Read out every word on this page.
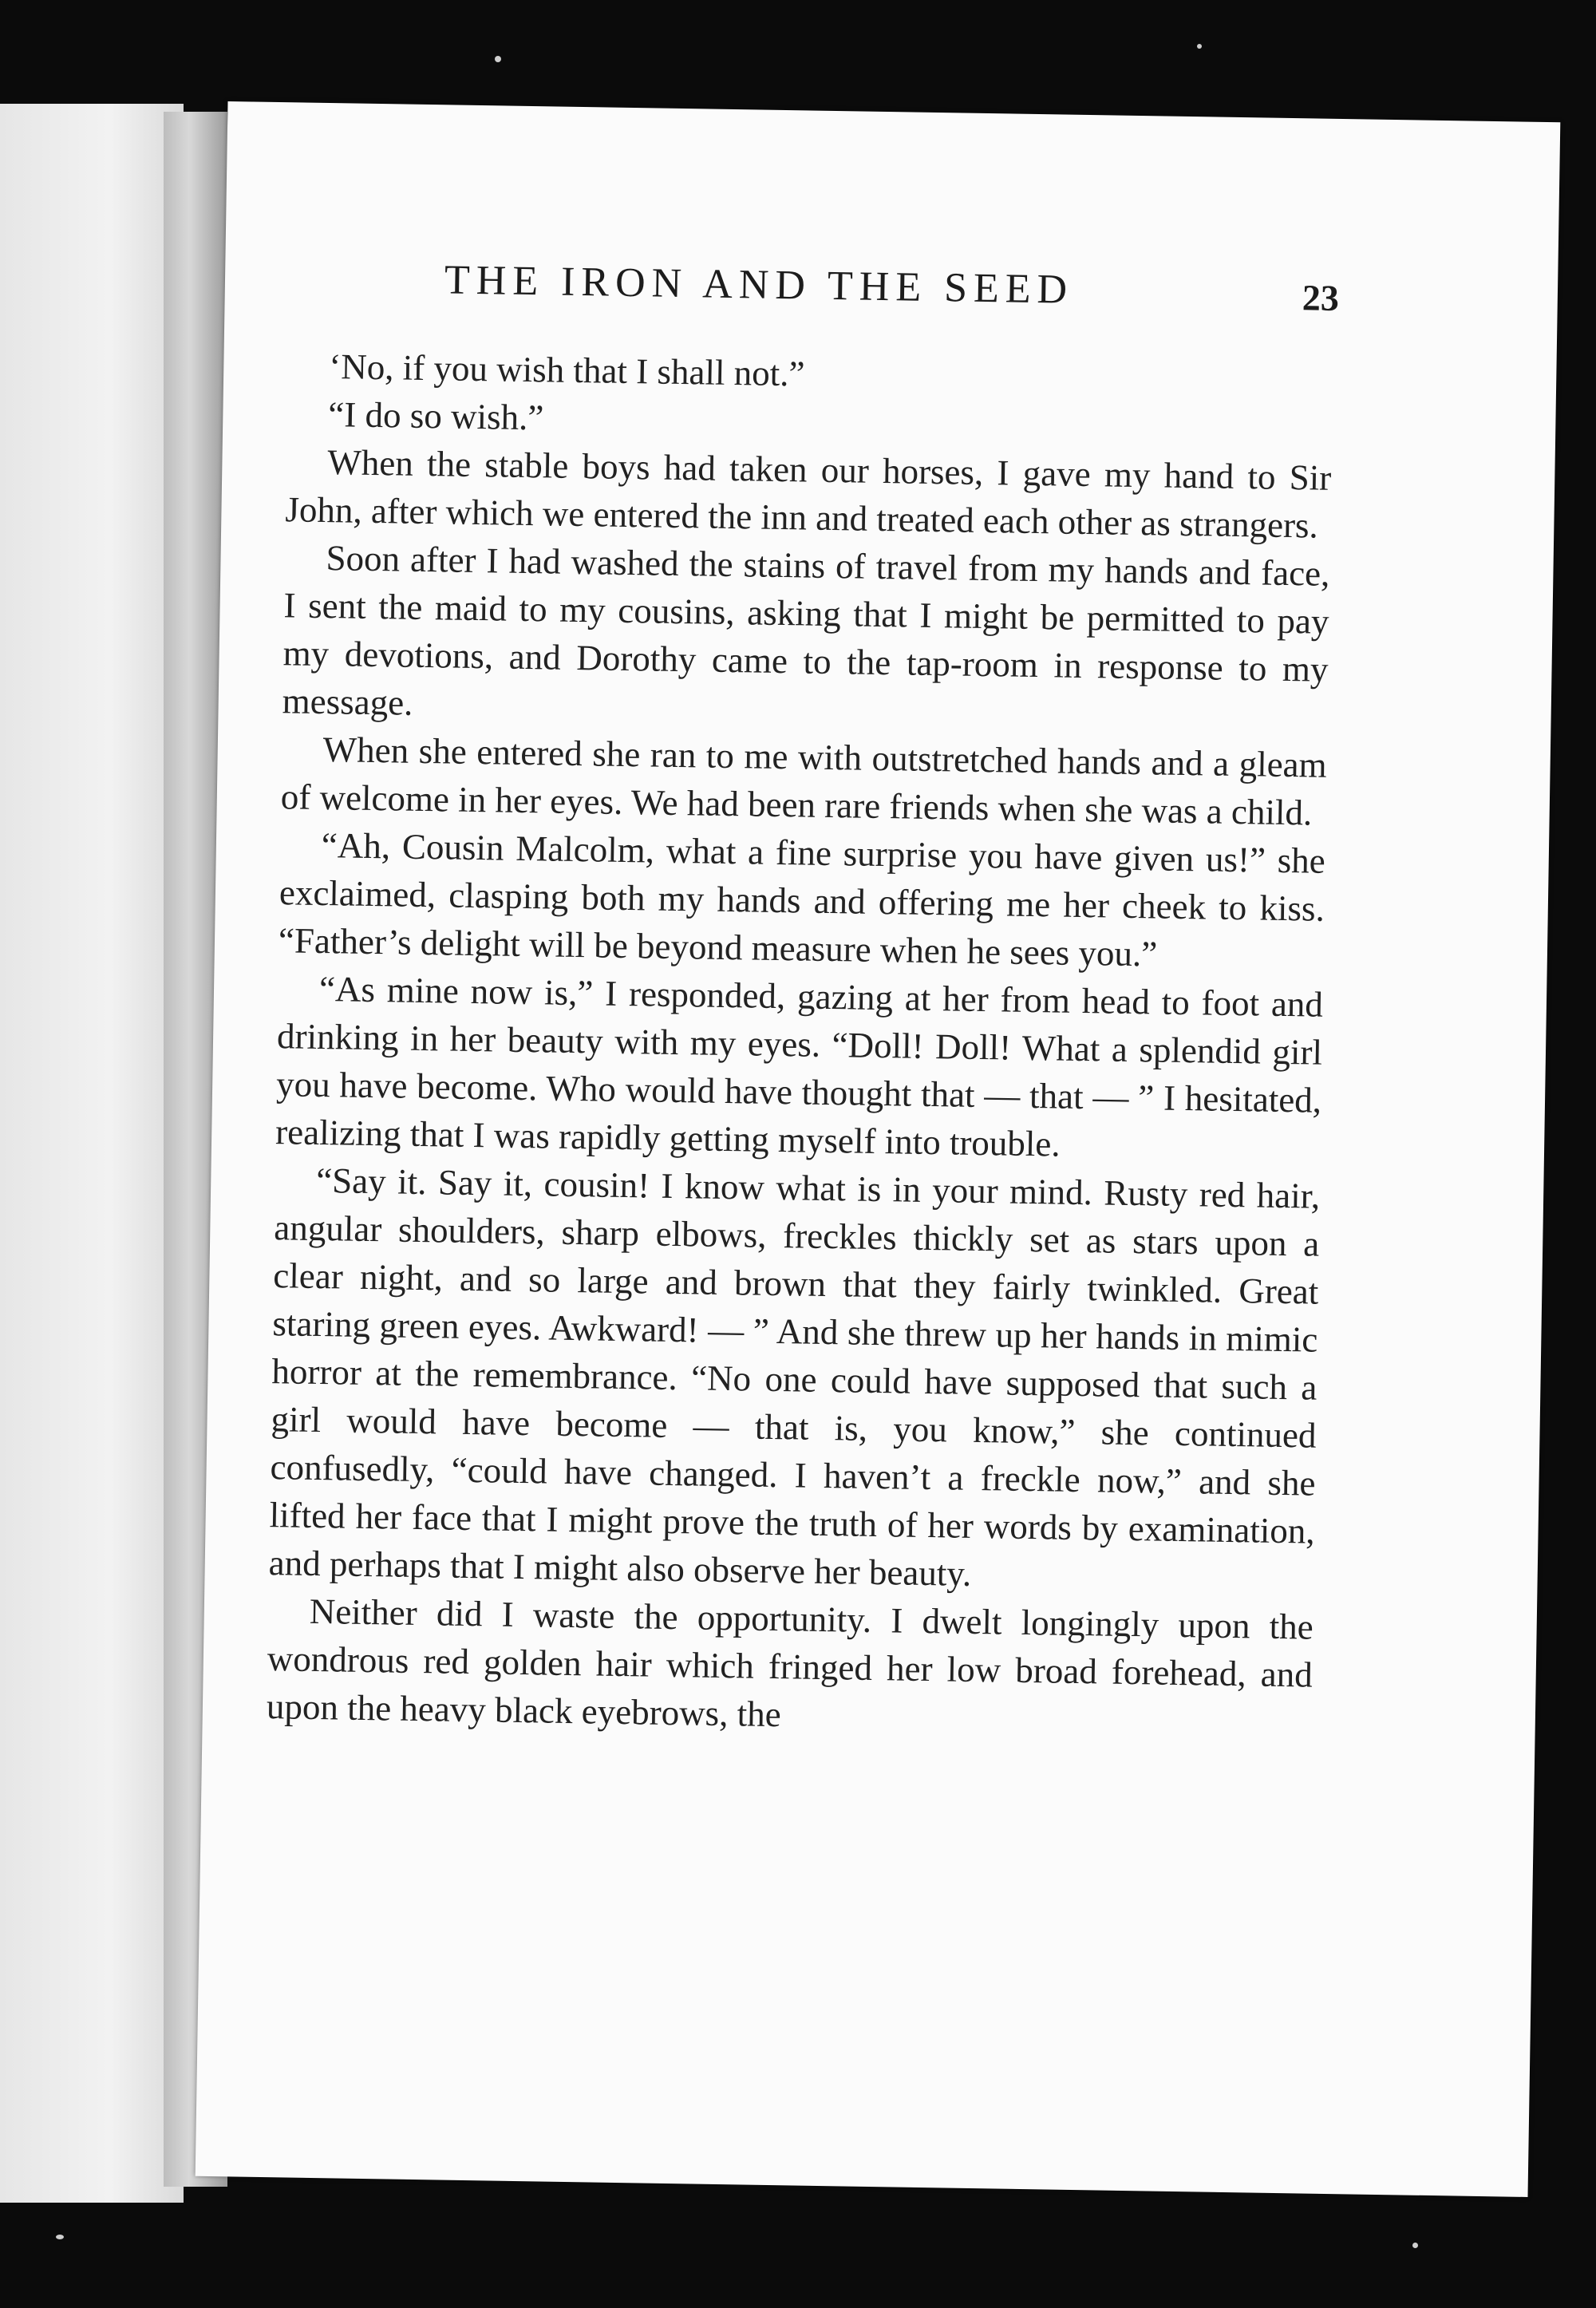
THE IRON AND THE SEED	23

‘No, if you wish that I shall not.”

“I do so wish.”

When the stable boys had taken our horses, I gave my hand to Sir John, after which we entered the inn and treated each other as strangers.

Soon after I had washed the stains of travel from my hands and face, I sent the maid to my cousins, asking that I might be permitted to pay my devotions, and Dorothy came to the tap-room in response to my message.

When she entered she ran to me with outstretched hands and a gleam of welcome in her eyes. We had been rare friends when she was a child.

“Ah, Cousin Malcolm, what a fine surprise you have given us!” she exclaimed, clasping both my hands and offering me her cheek to kiss. “Father’s delight will be beyond measure when he sees you.”

“As mine now is,” I responded, gazing at her from head to foot and drinking in her beauty with my eyes. “Doll! Doll! What a splendid girl you have become. Who would have thought that — that — ” I hesitated, realizing that I was rapidly getting myself into trouble.

“Say it. Say it, cousin! I know what is in your mind. Rusty red hair, angular shoulders, sharp elbows, freckles thickly set as stars upon a clear night, and so large and brown that they fairly twinkled. Great staring green eyes. Awkward! — ” And she threw up her hands in mimic horror at the remembrance. “No one could have supposed that such a girl would have become — that is, you know,” she continued confusedly, “could have changed. I haven’t a freckle now,” and she lifted her face that I might prove the truth of her words by examination, and perhaps that I might also observe her beauty.

Neither did I waste the opportunity. I dwelt longingly upon the wondrous red golden hair which fringed her low broad forehead, and upon the heavy black eyebrows, the
